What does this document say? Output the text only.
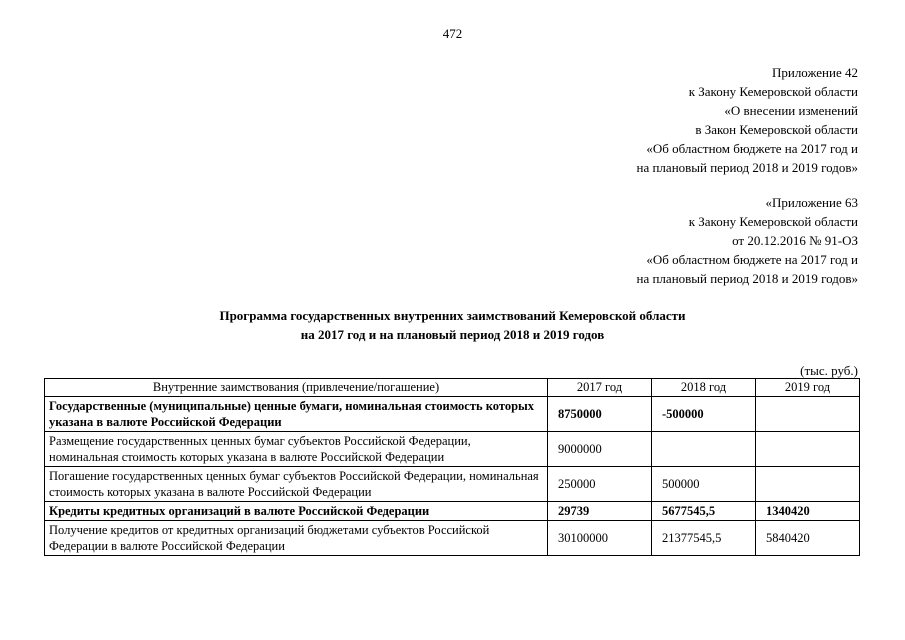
472
Приложение 42
к Закону Кемеровской области
«О внесении изменений
в Закон Кемеровской области
«Об областном бюджете на 2017 год и
на плановый период 2018 и 2019 годов»
«Приложение 63
к Закону Кемеровской области
от 20.12.2016 № 91-ОЗ
«Об областном бюджете на 2017 год и
на плановый период 2018 и 2019 годов»
Программа государственных внутренних заимствований Кемеровской области
на 2017 год и на плановый период 2018 и 2019 годов
(тыс. руб.)
Внутренние заимствования (привлечение/погашение)	2017 год	2018 год	2019 год
Государственные (муниципальные) ценные бумаги, номинальная стоимость которых указана в валюте Российской Федерации	8750000	-500000	
Размещение государственных ценных бумаг субъектов Российской Федерации, номинальная стоимость которых указана в валюте Российской Федерации	9000000		
Погашение государственных ценных бумаг субъектов Российской Федерации, номинальная стоимость которых указана в валюте Российской Федерации	250000	500000	
Кредиты кредитных организаций в валюте Российской Федерации	29739	5677545,5	1340420
Получение кредитов от кредитных организаций бюджетами субъектов Российской Федерации в валюте Российской Федерации	30100000	21377545,5	5840420
